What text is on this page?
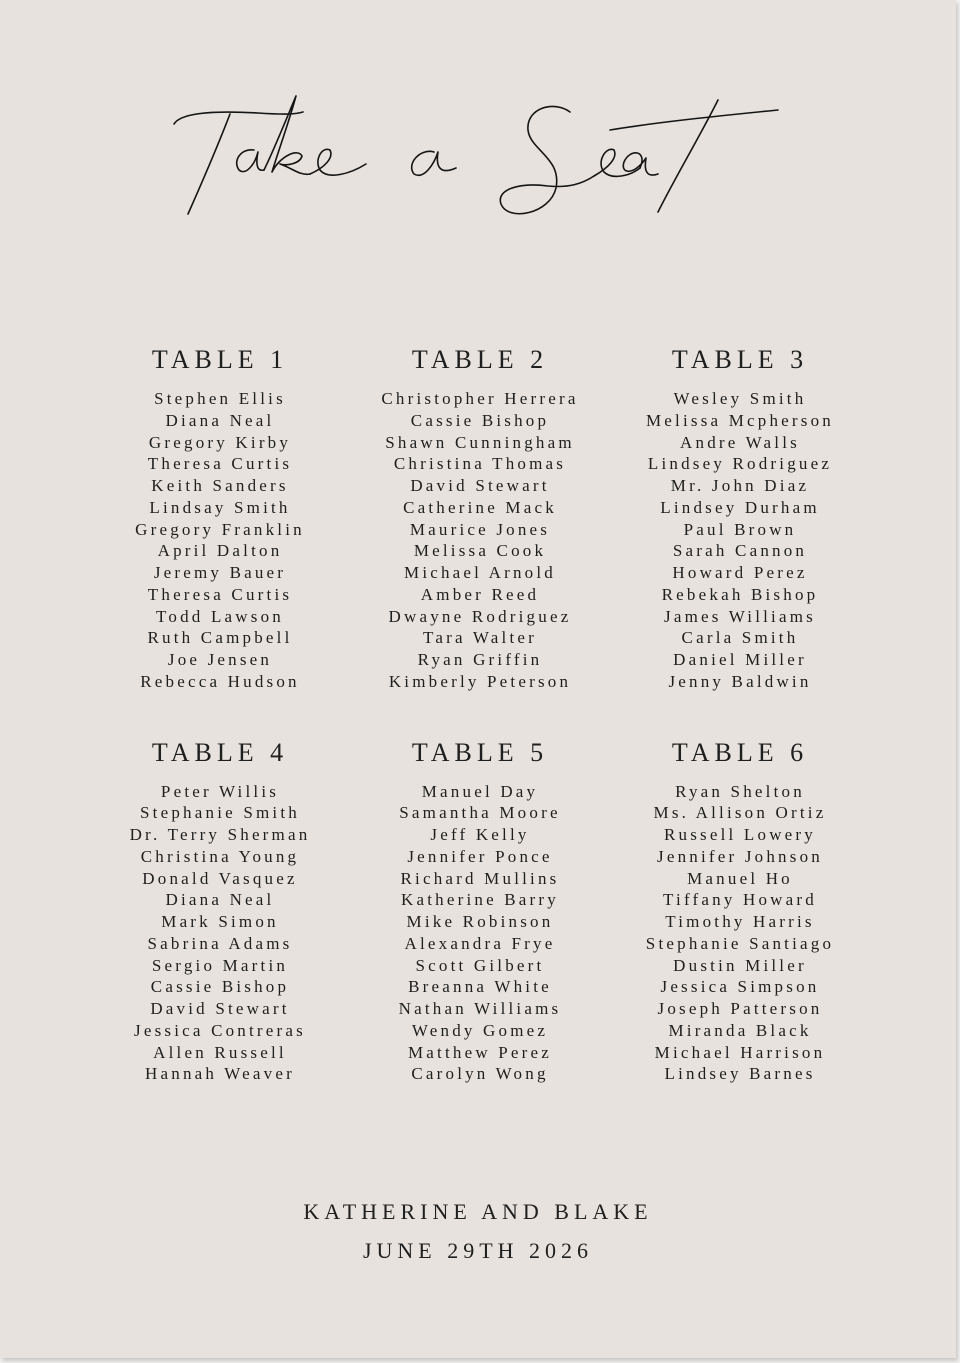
TABLE 1
Stephen Ellis
Diana Neal
Gregory Kirby
Theresa Curtis
Keith Sanders
Lindsay Smith
Gregory Franklin
April Dalton
Jeremy Bauer
Theresa Curtis
Todd Lawson
Ruth Campbell
Joe Jensen
Rebecca Hudson
TABLE 2
Christopher Herrera
Cassie Bishop
Shawn Cunningham
Christina Thomas
David Stewart
Catherine Mack
Maurice Jones
Melissa Cook
Michael Arnold
Amber Reed
Dwayne Rodriguez
Tara Walter
Ryan Griffin
Kimberly Peterson
TABLE 3
Wesley Smith
Melissa Mcpherson
Andre Walls
Lindsey Rodriguez
Mr. John Diaz
Lindsey Durham
Paul Brown
Sarah Cannon
Howard Perez
Rebekah Bishop
James Williams
Carla Smith
Daniel Miller
Jenny Baldwin
TABLE 4
Peter Willis
Stephanie Smith
Dr. Terry Sherman
Christina Young
Donald Vasquez
Diana Neal
Mark Simon
Sabrina Adams
Sergio Martin
Cassie Bishop
David Stewart
Jessica Contreras
Allen Russell
Hannah Weaver
TABLE 5
Manuel Day
Samantha Moore
Jeff Kelly
Jennifer Ponce
Richard Mullins
Katherine Barry
Mike Robinson
Alexandra Frye
Scott Gilbert
Breanna White
Nathan Williams
Wendy Gomez
Matthew Perez
Carolyn Wong
TABLE 6
Ryan Shelton
Ms. Allison Ortiz
Russell Lowery
Jennifer Johnson
Manuel Ho
Tiffany Howard
Timothy Harris
Stephanie Santiago
Dustin Miller
Jessica Simpson
Joseph Patterson
Miranda Black
Michael Harrison
Lindsey Barnes
KATHERINE AND BLAKE
JUNE 29TH 2026
